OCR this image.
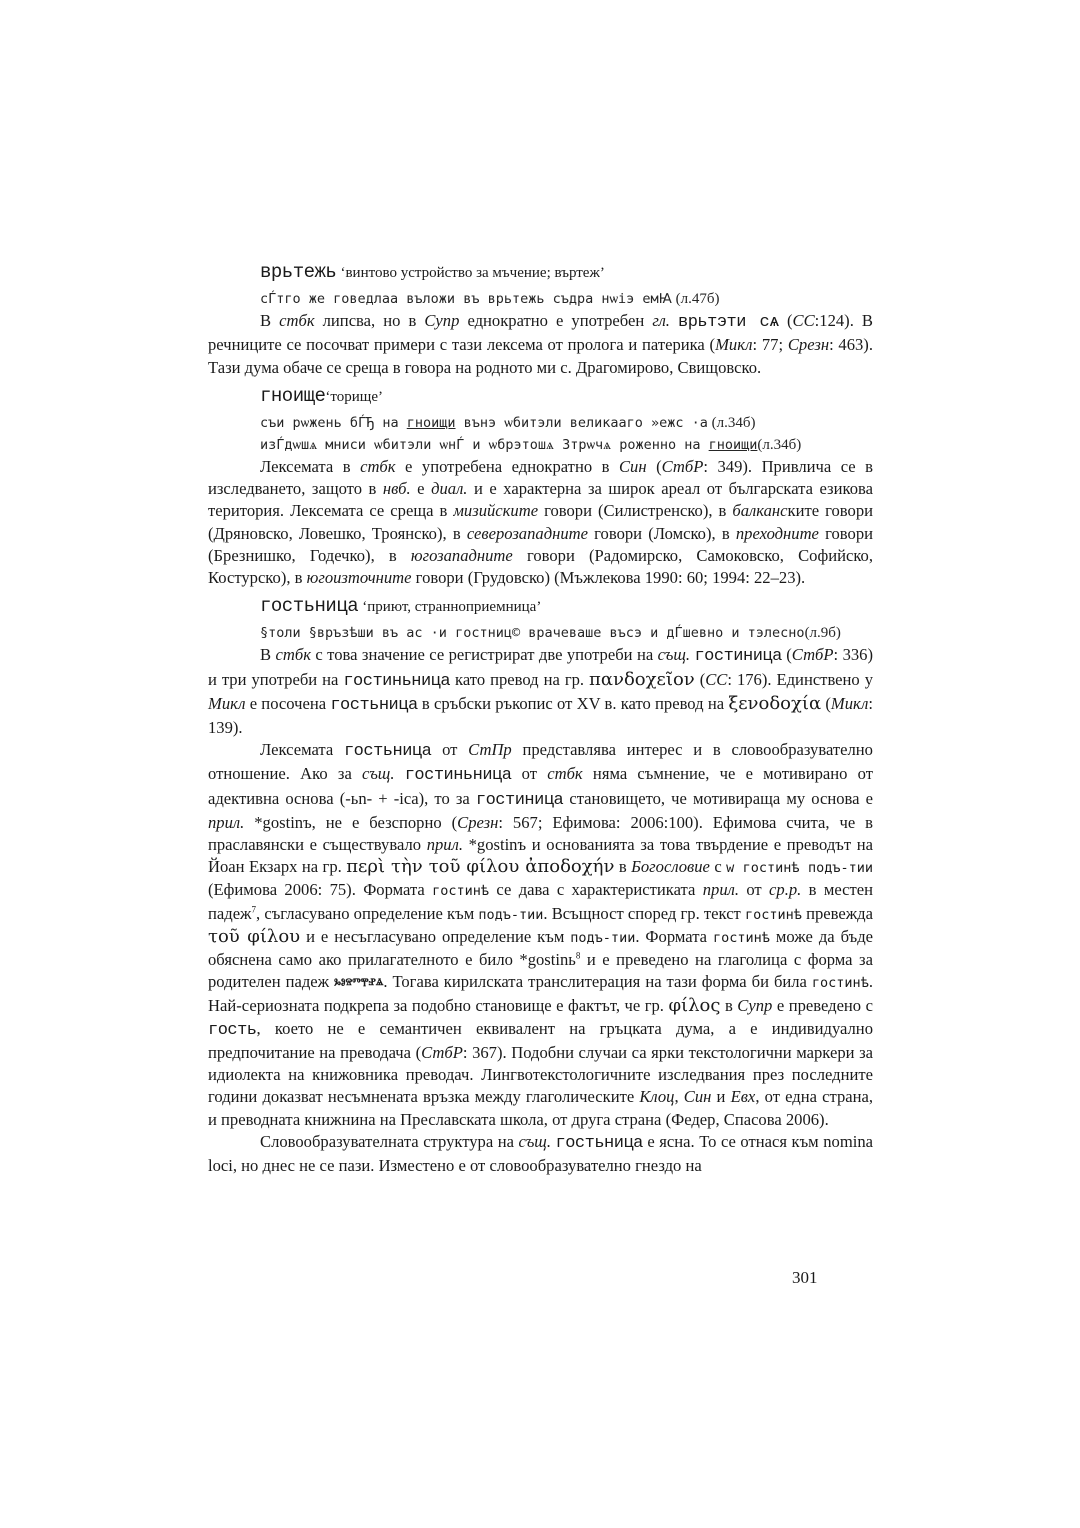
врьтежь ‘винтово устройство за мъчение; въртеж’
сЃтго же говедлаа въложи въ врьтежь съдра нѡіэ емꙖ (л.47б)

В стбк липсва, но в Супр еднократно е употребен гл. врьтэти сѧ (СС:124). В речниците се посочват примери с тази лексема от пролога и патерика (Микл: 77; Срезн: 463). Тази дума обаче се среща в говора на родното ми с. Драгомирово, Свищовско.

гноище‘торище’
съи рѡжень бЃЂ на гноищи вънэ ѡбитэли великааго »ежс ·а (л.34б)
изЃдѡшѧ мниси ѡбитэли ѡнЃ и ѡбрэтошѧ Зтрѡчѧ роженно на гноищи(л.34б)

Лексемата в стбк е употребена еднократно в Син (СтбР: 349). Привлича се в изследването, защото в нвб. е диал. и е характерна за широк ареал от българската езикова територия. Лексемата се среща в мизийските говори (Силистренско), в балканските говори (Дряновско, Ловешко, Троянско), в северозападните говори (Ломско), в преходните говори (Брезнишко, Годечко), в югозападните говори (Радомирско, Самоковско, Софийско, Костурско), в югоизточните говори (Грудовско) (Мъжлекова 1990: 60; 1994: 22–23).

гостьница ‘приют, странноприемница’
§толи §връзѣши въ ас ·и гостниц© врачеваше въсэ и дЃшевно и тэлесно(л.9б)

В стбк с това значение се регистрират две употреби на същ. гостиница (СтбР: 336) и три употреби на гостиньница като превод на гр. πανδοχεῖον (СС: 176). Единствено у Микл е посочена гостьница в сръбски ръкопис от XV в. като превод на ξενοδοχία (Микл: 139).

Лексемата гостьница от СтПр представлява интерес и в словообразувателно отношение. Ако за същ. гостиньница от стбк няма съмнение, че е мотивирано от адективна основа (-ьn- + -ica), то за гостиница становището, че мотивираща му основа е прил. *gostinъ, не е безспорно (Срезн: 567; Ефимова: 2006:100). Ефимова счита, че в праславянски е съществувало прил. *gostinъ и основанията за това твърдение е преводът на Йоан Екзарх на гр. περὶ τὴν τοῦ φίλου ἀποδοχήν в Богословие с w гостинѣ подъ-тии (Ефимова 2006: 75). Формата гостинѣ се дава с характеристиката прил. от ср.р. в местен падеж$^7$, съгласувано определение към подъ-тии. Всъщност според гр. текст гостинѣ превежда τοῦ φίλου и е несъгласувано определение към подъ-тии. Формата гостинѣ може да бъде обяснена само ако прилагателното е било *gostinь$^8$ и е преведено на глаголица с форма за родителен падеж ⰳⱁⱄⱅⰹⱀⱑ. Тогава кирилската транслитерация на тази форма би била гостинѣ. Най-сериозната подкрепа за подобно становище е фактът, че гр. φίλος в Супр е преведено с гость, което не е семантичен еквивалент на гръцката дума, а е индивидуално предпочитание на преводача (СтбР: 367). Подобни случаи са ярки текстологични маркери за идиолекта на книжовника преводач. Лингвотекстологичните изследвания през последните години доказват несъмнената връзка между глаголическите Клоц, Син и Евх, от една страна, и преводната книжнина на Преславската школа, от друга страна (Федер, Спасова 2006).

Словообразувателната структура на същ. гостьница е ясна. То се отнася към nomina loci, но днес не се пази. Изместено е от словообразувателно гнездо на

301
